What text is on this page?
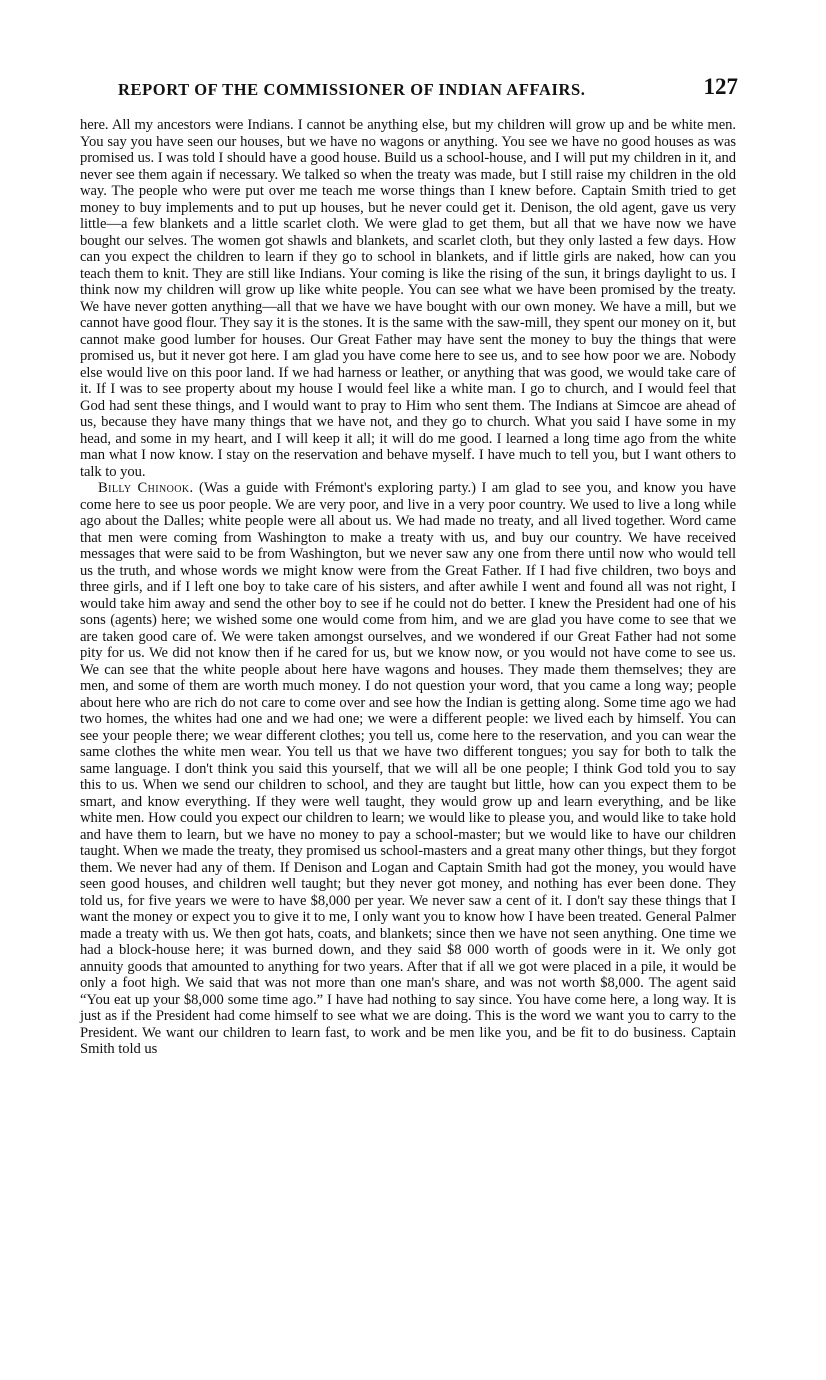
REPORT OF THE COMMISSIONER OF INDIAN AFFAIRS.	127

here. All my ancestors were Indians. I cannot be anything else, but my children will grow up and be white men. You say you have seen our houses, but we have no wagons or anything. You see we have no good houses as was promised us. I was told I should have a good house. Build us a school-house, and I will put my children in it, and never see them again if necessary. We talked so when the treaty was made, but I still raise my children in the old way. The people who were put over me teach me worse things than I knew before. Captain Smith tried to get money to buy implements and to put up houses, but he never could get it. Denison, the old agent, gave us very little—a few blankets and a little scarlet cloth. We were glad to get them, but all that we have now we have bought our selves. The women got shawls and blankets, and scarlet cloth, but they only lasted a few days. How can you expect the children to learn if they go to school in blankets, and if little girls are naked, how can you teach them to knit. They are still like Indians. Your coming is like the rising of the sun, it brings daylight to us. I think now my children will grow up like white people. You can see what we have been promised by the treaty. We have never gotten anything—all that we have we have bought with our own money. We have a mill, but we cannot have good flour. They say it is the stones. It is the same with the saw-mill, they spent our money on it, but cannot make good lumber for houses. Our Great Father may have sent the money to buy the things that were promised us, but it never got here. I am glad you have come here to see us, and to see how poor we are. Nobody else would live on this poor land. If we had harness or leather, or anything that was good, we would take care of it. If I was to see property about my house I would feel like a white man. I go to church, and I would feel that God had sent these things, and I would want to pray to Him who sent them. The Indians at Simcoe are ahead of us, because they have many things that we have not, and they go to church. What you said I have some in my head, and some in my heart, and I will keep it all; it will do me good. I learned a long time ago from the white man what I now know. I stay on the reservation and behave myself. I have much to tell you, but I want others to talk to you.

Billy Chinook. (Was a guide with Frémont's exploring party.) I am glad to see you, and know you have come here to see us poor people. We are very poor, and live in a very poor country. We used to live a long while ago about the Dalles; white people were all about us. We had made no treaty, and all lived together. Word came that men were coming from Washington to make a treaty with us, and buy our country. We have received messages that were said to be from Washington, but we never saw any one from there until now who would tell us the truth, and whose words we might know were from the Great Father. If I had five children, two boys and three girls, and if I left one boy to take care of his sisters, and after awhile I went and found all was not right, I would take him away and send the other boy to see if he could not do better. I knew the President had one of his sons (agents) here; we wished some one would come from him, and we are glad you have come to see that we are taken good care of. We were taken amongst ourselves, and we wondered if our Great Father had not some pity for us. We did not know then if he cared for us, but we know now, or you would not have come to see us. We can see that the white people about here have wagons and houses. They made them themselves; they are men, and some of them are worth much money. I do not question your word, that you came a long way; people about here who are rich do not care to come over and see how the Indian is getting along. Some time ago we had two homes, the whites had one and we had one; we were a different people: we lived each by himself. You can see your people there; we wear different clothes; you tell us, come here to the reservation, and you can wear the same clothes the white men wear. You tell us that we have two different tongues; you say for both to talk the same language. I don't think you said this yourself, that we will all be one people; I think God told you to say this to us. When we send our children to school, and they are taught but little, how can you expect them to be smart, and know everything. If they were well taught, they would grow up and learn everything, and be like white men. How could you expect our children to learn; we would like to please you, and would like to take hold and have them to learn, but we have no money to pay a school-master; but we would like to have our children taught. When we made the treaty, they promised us school-masters and a great many other things, but they forgot them. We never had any of them. If Denison and Logan and Captain Smith had got the money, you would have seen good houses, and children well taught; but they never got money, and nothing has ever been done. They told us, for five years we were to have $8,000 per year. We never saw a cent of it. I don't say these things that I want the money or expect you to give it to me, I only want you to know how I have been treated. General Palmer made a treaty with us. We then got hats, coats, and blankets; since then we have not seen anything. One time we had a block-house here; it was burned down, and they said $8 000 worth of goods were in it. We only got annuity goods that amounted to anything for two years. After that if all we got were placed in a pile, it would be only a foot high. We said that was not more than one man's share, and was not worth $8,000. The agent said “You eat up your $8,000 some time ago.” I have had nothing to say since. You have come here, a long way. It is just as if the President had come himself to see what we are doing. This is the word we want you to carry to the President. We want our children to learn fast, to work and be men like you, and be fit to do business. Captain Smith told us
